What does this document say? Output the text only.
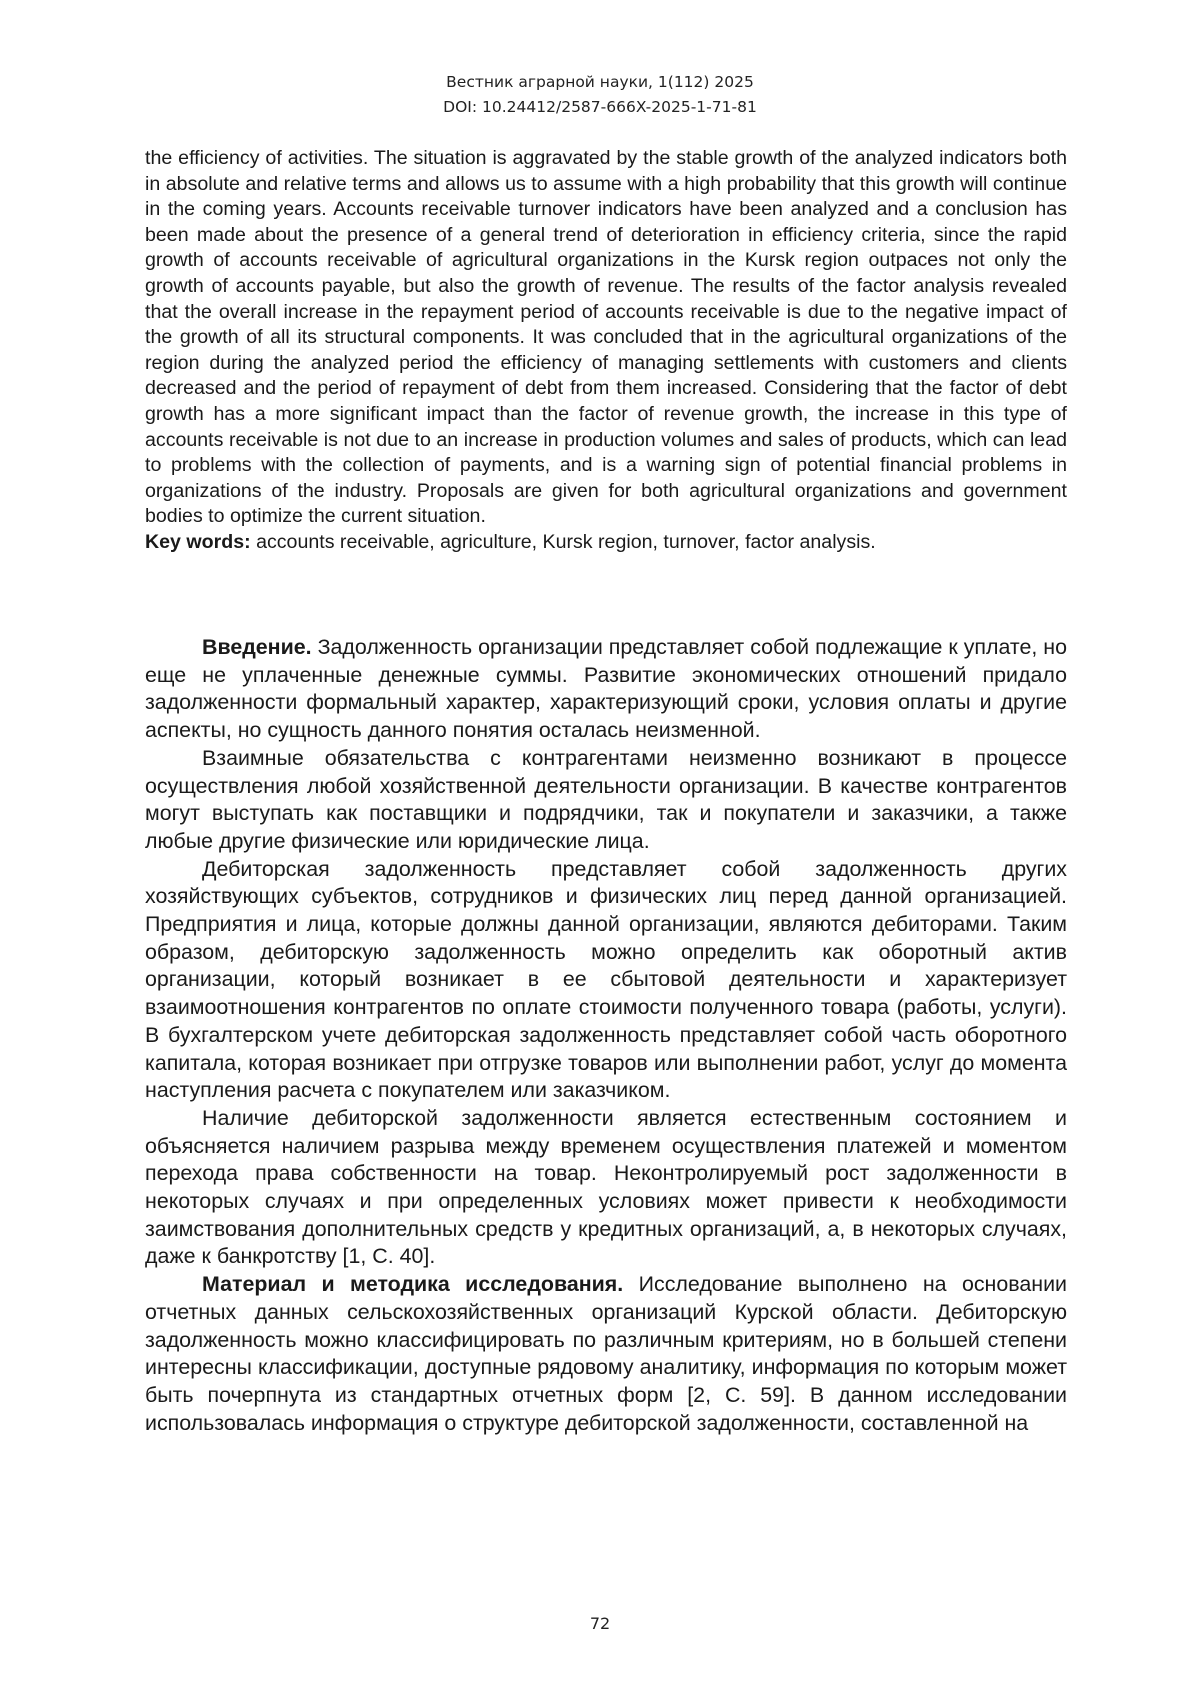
Вестник аграрной науки, 1(112) 2025
DOI: 10.24412/2587-666X-2025-1-71-81

the efficiency of activities. The situation is aggravated by the stable growth of the analyzed indicators both in absolute and relative terms and allows us to assume with a high probability that this growth will continue in the coming years. Accounts receivable turnover indicators have been analyzed and a conclusion has been made about the presence of a general trend of deterioration in efficiency criteria, since the rapid growth of accounts receivable of agricultural organizations in the Kursk region outpaces not only the growth of accounts payable, but also the growth of revenue. The results of the factor analysis revealed that the overall increase in the repayment period of accounts receivable is due to the negative impact of the growth of all its structural components. It was concluded that in the agricultural organizations of the region during the analyzed period the efficiency of managing settlements with customers and clients decreased and the period of repayment of debt from them increased. Considering that the factor of debt growth has a more significant impact than the factor of revenue growth, the increase in this type of accounts receivable is not due to an increase in production volumes and sales of products, which can lead to problems with the collection of payments, and is a warning sign of potential financial problems in organizations of the industry. Proposals are given for both agricultural organizations and government bodies to optimize the current situation.

Key words: accounts receivable, agriculture, Kursk region, turnover, factor analysis.

Введение. Задолженность организации представляет собой подлежащие к уплате, но еще не уплаченные денежные суммы. Развитие экономических отношений придало задолженности формальный характер, характеризующий сроки, условия оплаты и другие аспекты, но сущность данного понятия осталась неизменной.

Взаимные обязательства с контрагентами неизменно возникают в процессе осуществления любой хозяйственной деятельности организации. В качестве контрагентов могут выступать как поставщики и подрядчики, так и покупатели и заказчики, а также любые другие физические или юридические лица.

Дебиторская задолженность представляет собой задолженность других хозяйствующих субъектов, сотрудников и физических лиц перед данной организацией. Предприятия и лица, которые должны данной организации, являются дебиторами. Таким образом, дебиторскую задолженность можно определить как оборотный актив организации, который возникает в ее сбытовой деятельности и характеризует взаимоотношения контрагентов по оплате стоимости полученного товара (работы, услуги). В бухгалтерском учете дебиторская задолженность представляет собой часть оборотного капитала, которая возникает при отгрузке товаров или выполнении работ, услуг до момента наступления расчета с покупателем или заказчиком.

Наличие дебиторской задолженности является естественным состоянием и объясняется наличием разрыва между временем осуществления платежей и моментом перехода права собственности на товар. Неконтролируемый рост задолженности в некоторых случаях и при определенных условиях может привести к необходимости заимствования дополнительных средств у кредитных организаций, а, в некоторых случаях, даже к банкротству [1, С. 40].

Материал и методика исследования. Исследование выполнено на основании отчетных данных сельскохозяйственных организаций Курской области. Дебиторскую задолженность можно классифицировать по различным критериям, но в большей степени интересны классификации, доступные рядовому аналитику, информация по которым может быть почерпнута из стандартных отчетных форм [2, С. 59]. В данном исследовании использовалась информация о структуре дебиторской задолженности, составленной на

72
